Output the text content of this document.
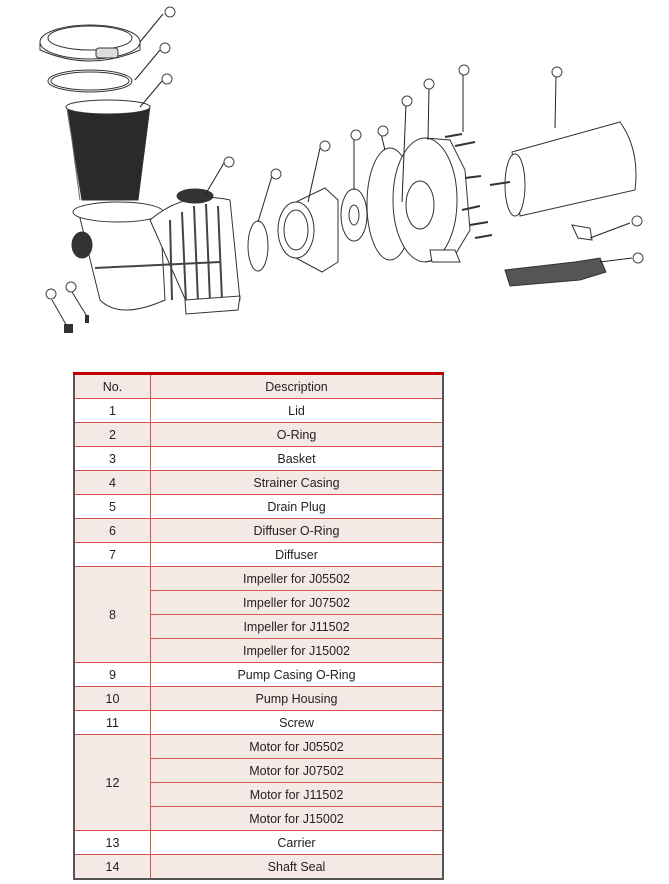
No.	Description
1	Lid
2	O-Ring
3	Basket
4	Strainer Casing
5	Drain Plug
6	Diffuser O-Ring
7	Diffuser
8	Impeller for J05502
	Impeller for J07502
	Impeller for J11502
	Impeller for J15002
9	Pump Casing O-Ring
10	Pump Housing
11	Screw
12	Motor for J05502
	Motor for J07502
	Motor for J11502
	Motor for J15002
13	Carrier
14	Shaft Seal
